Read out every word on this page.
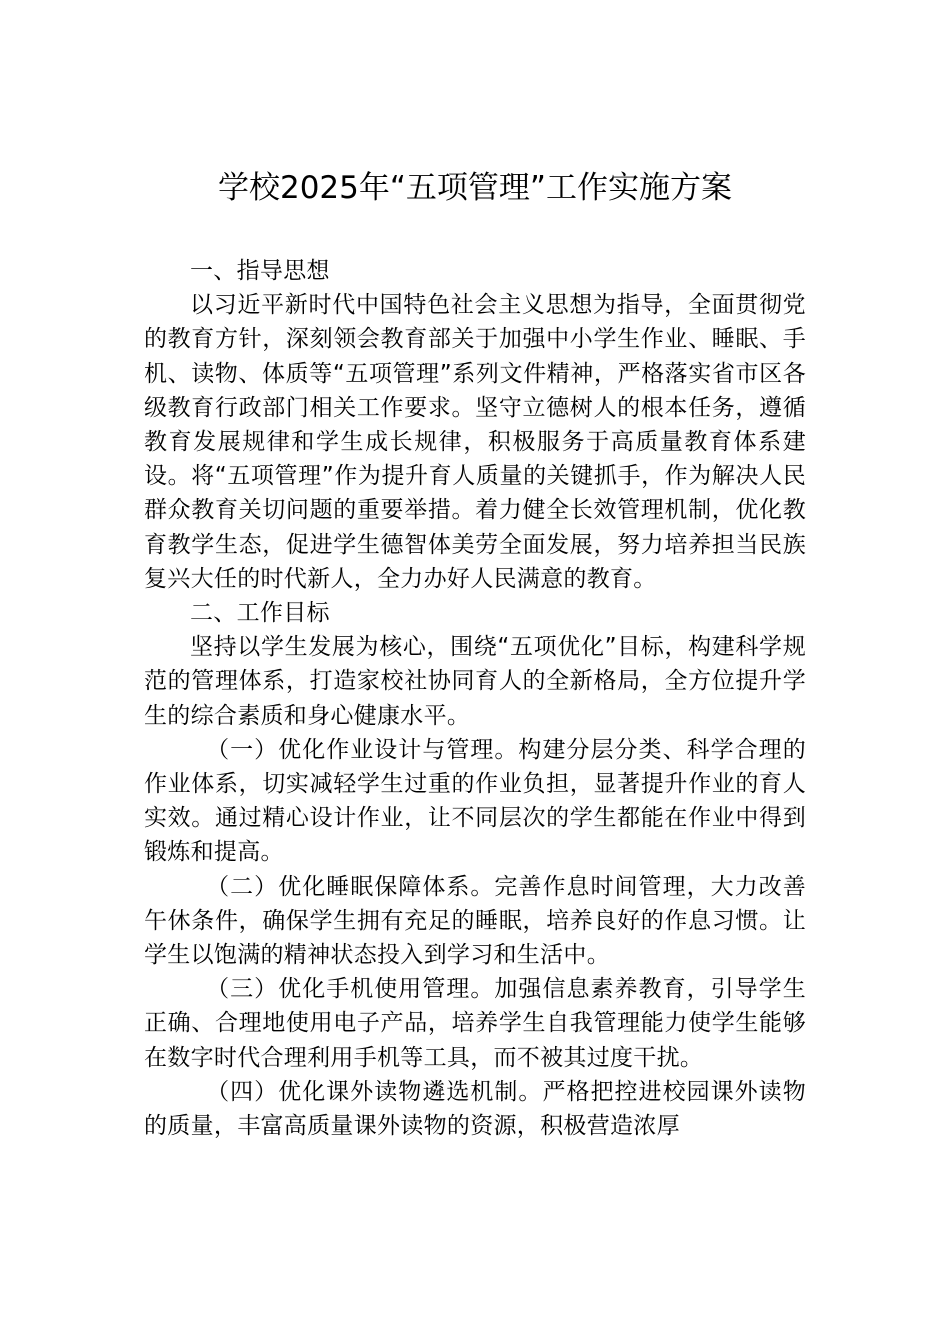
学校2025年“五项管理”工作实施方案

一、指导思想

以习近平新时代中国特色社会主义思想为指导，全面贯彻党的教育方针，深刻领会教育部关于加强中小学生作业、睡眠、手机、读物、体质等“五项管理”系列文件精神，严格落实省市区各级教育行政部门相关工作要求。坚守立德树人的根本任务，遵循教育发展规律和学生成长规律，积极服务于高质量教育体系建设。将“五项管理”作为提升育人质量的关键抓手，作为解决人民群众教育关切问题的重要举措。着力健全长效管理机制，优化教育教学生态，促进学生德智体美劳全面发展，努力培养担当民族复兴大任的时代新人，全力办好人民满意的教育。

二、工作目标

坚持以学生发展为核心，围绕“五项优化”目标，构建科学规范的管理体系，打造家校社协同育人的全新格局，全方位提升学生的综合素质和身心健康水平。

（一）优化作业设计与管理。构建分层分类、科学合理的作业体系，切实减轻学生过重的作业负担，显著提升作业的育人实效。通过精心设计作业，让不同层次的学生都能在作业中得到锻炼和提高。

（二）优化睡眠保障体系。完善作息时间管理，大力改善午休条件，确保学生拥有充足的睡眠，培养良好的作息习惯。让学生以饱满的精神状态投入到学习和生活中。

（三）优化手机使用管理。加强信息素养教育，引导学生正确、合理地使用电子产品，培养学生自我管理能力使学生能够在数字时代合理利用手机等工具，而不被其过度干扰。

（四）优化课外读物遴选机制。严格把控进校园课外读物的质量，丰富高质量课外读物的资源，积极营造浓厚
